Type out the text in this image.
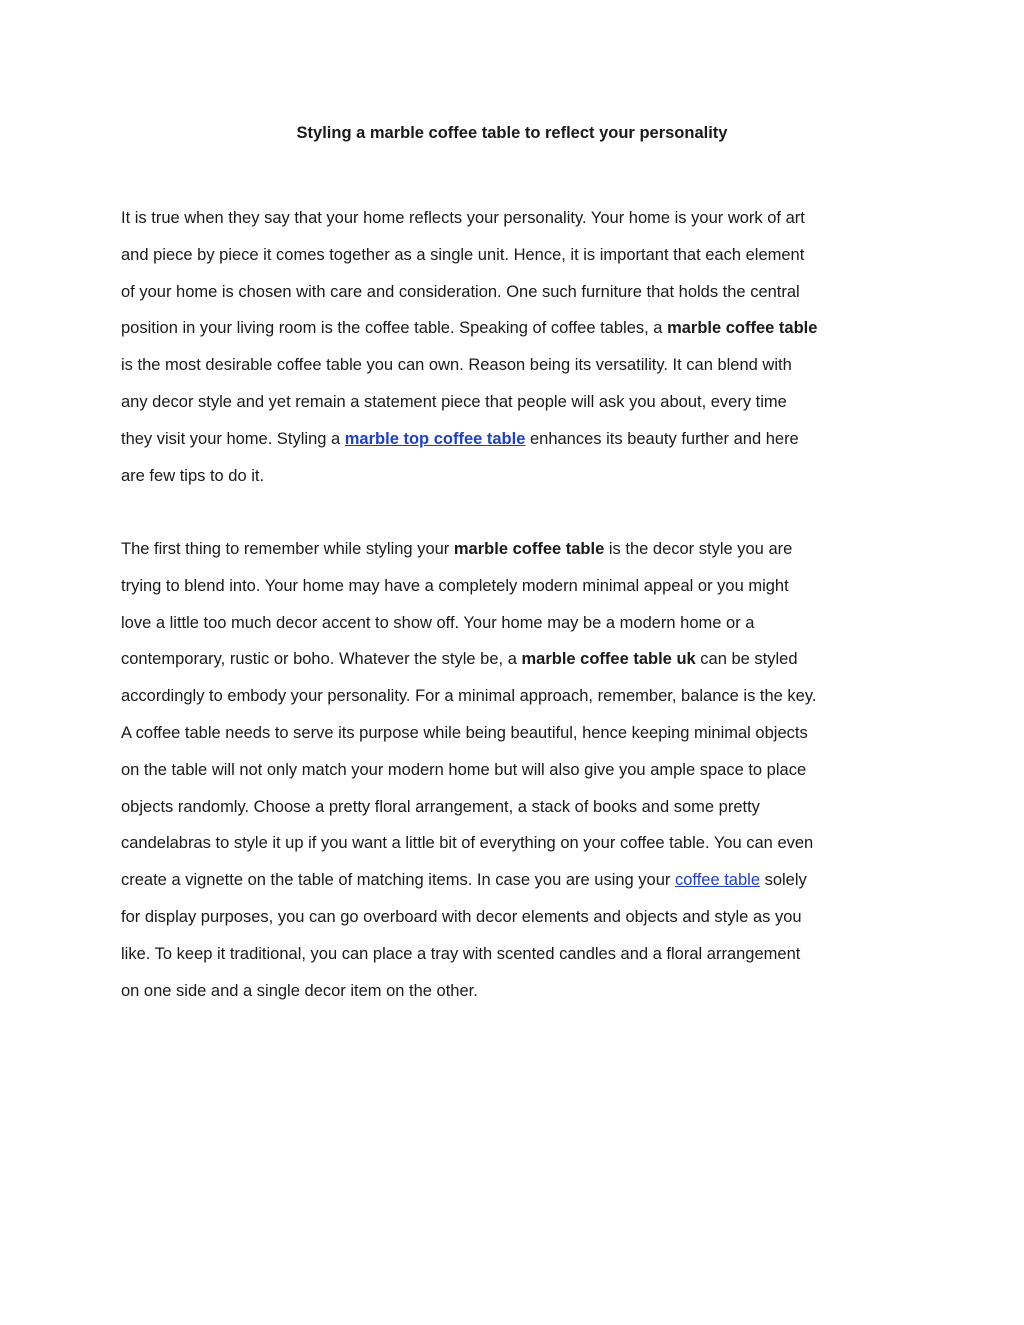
Styling a marble coffee table to reflect your personality

It is true when they say that your home reflects your personality. Your home is your work of art
and piece by piece it comes together as a single unit. Hence, it is important that each element
of your home is chosen with care and consideration. One such furniture that holds the central
position in your living room is the coffee table. Speaking of coffee tables, a marble coffee table
is the most desirable coffee table you can own. Reason being its versatility. It can blend with
any decor style and yet remain a statement piece that people will ask you about, every time
they visit your home. Styling a marble top coffee table enhances its beauty further and here
are few tips to do it.

The first thing to remember while styling your marble coffee table is the decor style you are
trying to blend into. Your home may have a completely modern minimal appeal or you might
love a little too much decor accent to show off. Your home may be a modern home or a
contemporary, rustic or boho. Whatever the style be, a marble coffee table uk can be styled
accordingly to embody your personality. For a minimal approach, remember, balance is the key.
A coffee table needs to serve its purpose while being beautiful, hence keeping minimal objects
on the table will not only match your modern home but will also give you ample space to place
objects randomly. Choose a pretty floral arrangement, a stack of books and some pretty
candelabras to style it up if you want a little bit of everything on your coffee table. You can even
create a vignette on the table of matching items. In case you are using your coffee table solely
for display purposes, you can go overboard with decor elements and objects and style as you
like. To keep it traditional, you can place a tray with scented candles and a floral arrangement
on one side and a single decor item on the other.
